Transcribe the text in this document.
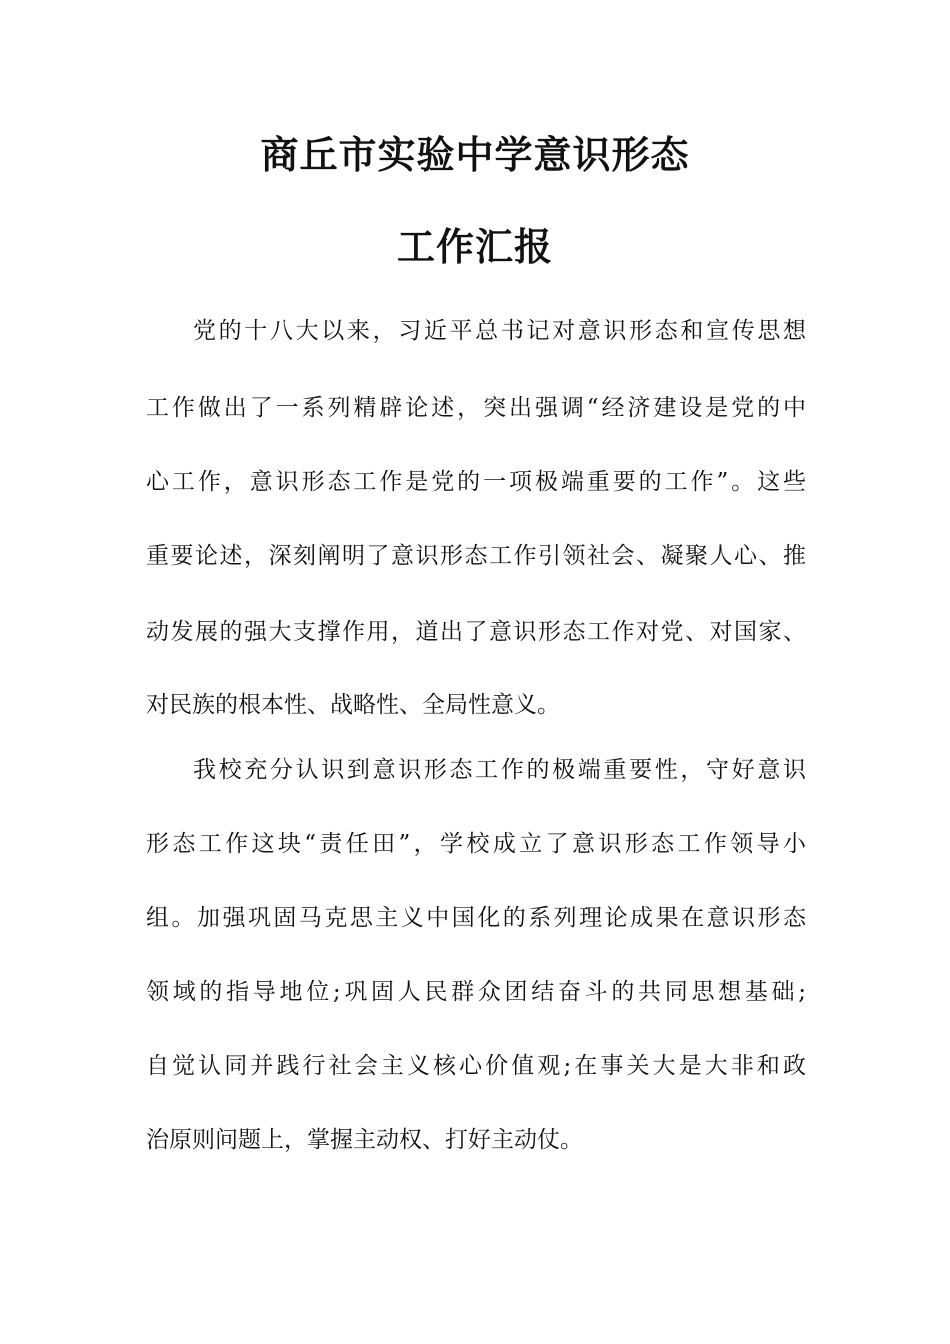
商丘市实验中学意识形态
工作汇报
党的十八大以来，习近平总书记对意识形态和宣传思想
工作做出了一系列精辟论述，突出强调“经济建设是党的中
心工作，意识形态工作是党的一项极端重要的工作”。这些
重要论述，深刻阐明了意识形态工作引领社会、凝聚人心、推
动发展的强大支撑作用，道出了意识形态工作对党、对国家、
对民族的根本性、战略性、全局性意义。
我校充分认识到意识形态工作的极端重要性，守好意识
形态工作这块“责任田”，学校成立了意识形态工作领导小
组。加强巩固马克思主义中国化的系列理论成果在意识形态
领域的指导地位;巩固人民群众团结奋斗的共同思想基础;
自觉认同并践行社会主义核心价值观;在事关大是大非和政
治原则问题上，掌握主动权、打好主动仗。
